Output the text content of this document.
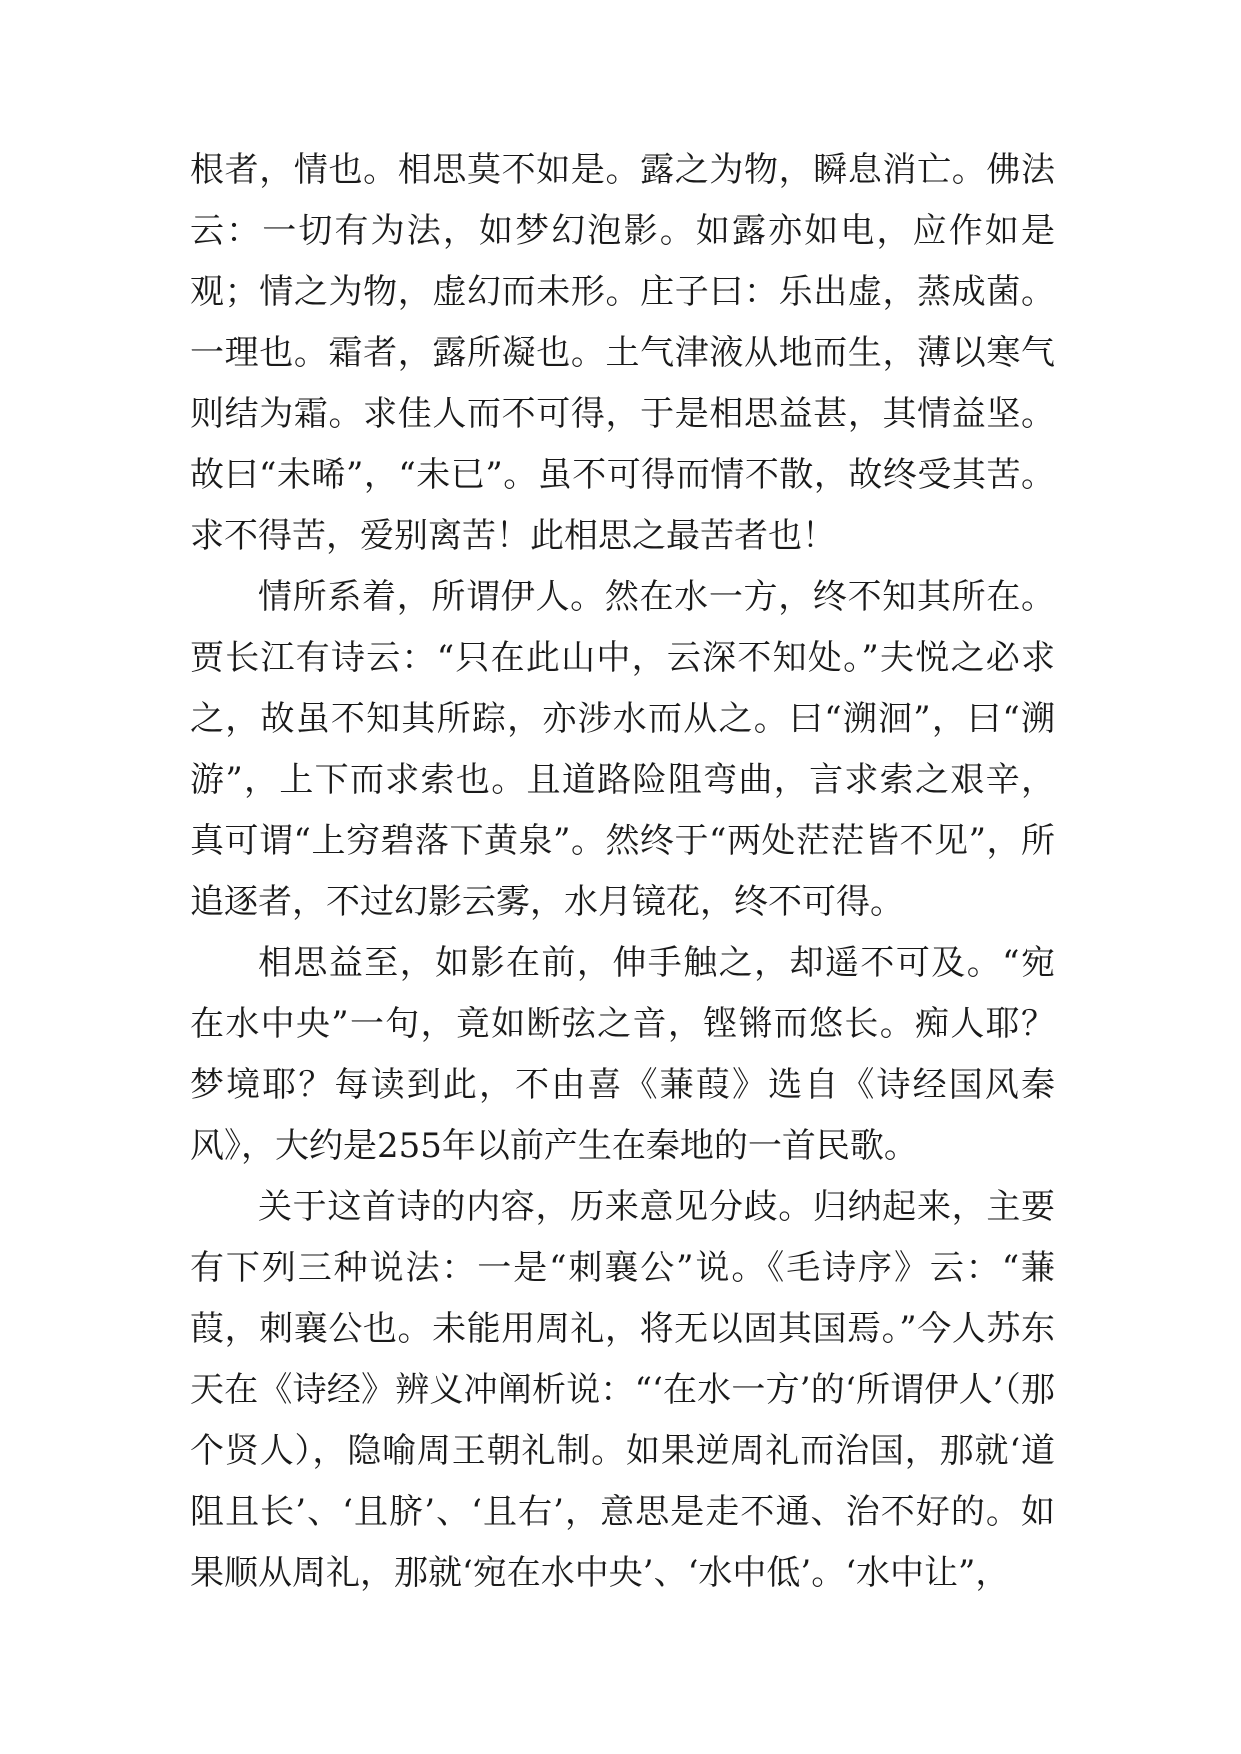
根者，情也。相思莫不如是。露之为物，瞬息消亡。佛法云：一切有为法，如梦幻泡影。如露亦如电，应作如是观；情之为物，虚幻而未形。庄子曰：乐出虚，蒸成菌。一理也。霜者，露所凝也。土气津液从地而生，薄以寒气则结为霜。求佳人而不可得，于是相思益甚，其情益坚。故曰“未晞”，“未已”。虽不可得而情不散，故终受其苦。求不得苦，爱别离苦！此相思之最苦者也！

情所系着，所谓伊人。然在水一方，终不知其所在。贾长江有诗云：“只在此山中，云深不知处。”夫悦之必求之，故虽不知其所踪，亦涉水而从之。曰“溯洄”，曰“溯游”，上下而求索也。且道路险阻弯曲，言求索之艰辛，真可谓“上穷碧落下黄泉”。然终于“两处茫茫皆不见”，所追逐者，不过幻影云雾，水月镜花，终不可得。

相思益至，如影在前，伸手触之，却遥不可及。“宛在水中央”一句，竟如断弦之音，铿锵而悠长。痴人耶？梦境耶？每读到此，不由喜《蒹葭》选自《诗经国风秦风》，大约是255年以前产生在秦地的一首民歌。

关于这首诗的内容，历来意见分歧。归纳起来，主要有下列三种说法：一是“刺襄公”说。《毛诗序》云：“蒹葭，刺襄公也。未能用周礼，将无以固其国焉。”今人苏东天在《诗经》辨义冲阐析说：“‘在水一方’的‘所谓伊人’（那个贤人），隐喻周王朝礼制。如果逆周礼而治国，那就‘道阻且长’、‘且脐’、‘且右’，意思是走不通、治不好的。如果顺从周礼，那就‘宛在水中央’、‘水中低’。‘水中让”，
